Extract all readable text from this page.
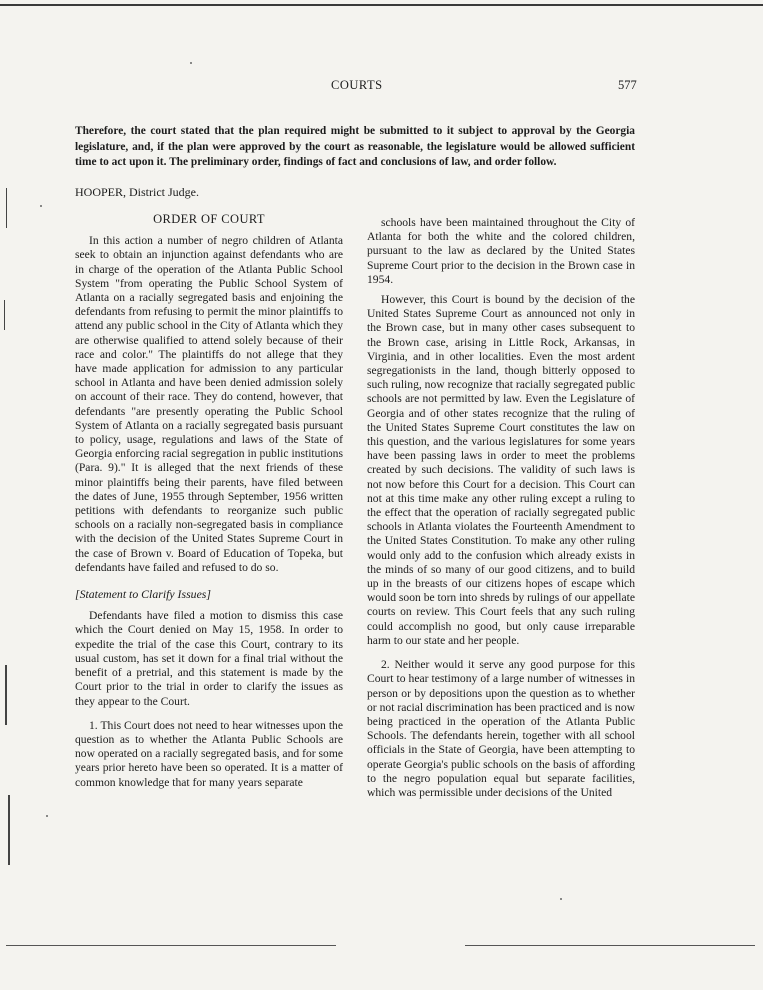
COURTS	577
Therefore, the court stated that the plan required might be submitted to it subject to approval by the Georgia legislature, and, if the plan were approved by the court as reasonable, the legislature would be allowed sufficient time to act upon it. The preliminary order, findings of fact and conclusions of law, and order follow.
HOOPER, District Judge.
ORDER OF COURT

In this action a number of negro children of Atlanta seek to obtain an injunction against defendants who are in charge of the operation of the Atlanta Public School System "from operating the Public School System of Atlanta on a racially segregated basis and enjoining the defendants from refusing to permit the minor plaintiffs to attend any public school in the City of Atlanta which they are otherwise qualified to attend solely because of their race and color." The plaintiffs do not allege that they have made application for admission to any particular school in Atlanta and have been denied admission solely on account of their race. They do contend, however, that defendants "are presently operating the Public School System of Atlanta on a racially segregated basis pursuant to policy, usage, regulations and laws of the State of Georgia enforcing racial segregation in public institutions (Para. 9)." It is alleged that the next friends of these minor plaintiffs being their parents, have filed between the dates of June, 1955 through September, 1956 written petitions with defendants to reorganize such public schools on a racially non-segregated basis in compliance with the decision of the United States Supreme Court in the case of Brown v. Board of Education of Topeka, but defendants have failed and refused to do so.

[Statement to Clarify Issues]

Defendants have filed a motion to dismiss this case which the Court denied on May 15, 1958. In order to expedite the trial of the case this Court, contrary to its usual custom, has set it down for a final trial without the benefit of a pretrial, and this statement is made by the Court prior to the trial in order to clarify the issues as they appear to the Court.

1. This Court does not need to hear witnesses upon the question as to whether the Atlanta Public Schools are now operated on a racially segregated basis, and for some years prior hereto have been so operated. It is a matter of common knowledge that for many years separate

schools have been maintained throughout the City of Atlanta for both the white and the colored children, pursuant to the law as declared by the United States Supreme Court prior to the decision in the Brown case in 1954.

However, this Court is bound by the decision of the United States Supreme Court as announced not only in the Brown case, but in many other cases subsequent to the Brown case, arising in Little Rock, Arkansas, in Virginia, and in other localities. Even the most ardent segregationists in the land, though bitterly opposed to such ruling, now recognize that racially segregated public schools are not permitted by law. Even the Legislature of Georgia and of other states recognize that the ruling of the United States Supreme Court constitutes the law on this question, and the various legislatures for some years have been passing laws in order to meet the problems created by such decisions. The validity of such laws is not now before this Court for a decision. This Court can not at this time make any other ruling except a ruling to the effect that the operation of racially segregated public schools in Atlanta violates the Fourteenth Amendment to the United States Constitution. To make any other ruling would only add to the confusion which already exists in the minds of so many of our good citizens, and to build up in the breasts of our citizens hopes of escape which would soon be torn into shreds by rulings of our appellate courts on review. This Court feels that any such ruling could accomplish no good, but only cause irreparable harm to our state and her people.

2. Neither would it serve any good purpose for this Court to hear testimony of a large number of witnesses in person or by depositions upon the question as to whether or not racial discrimination has been practiced and is now being practiced in the operation of the Atlanta Public Schools. The defendants herein, together with all school officials in the State of Georgia, have been attempting to operate Georgia's public schools on the basis of affording to the negro population equal but separate facilities, which was permissible under decisions of the United
